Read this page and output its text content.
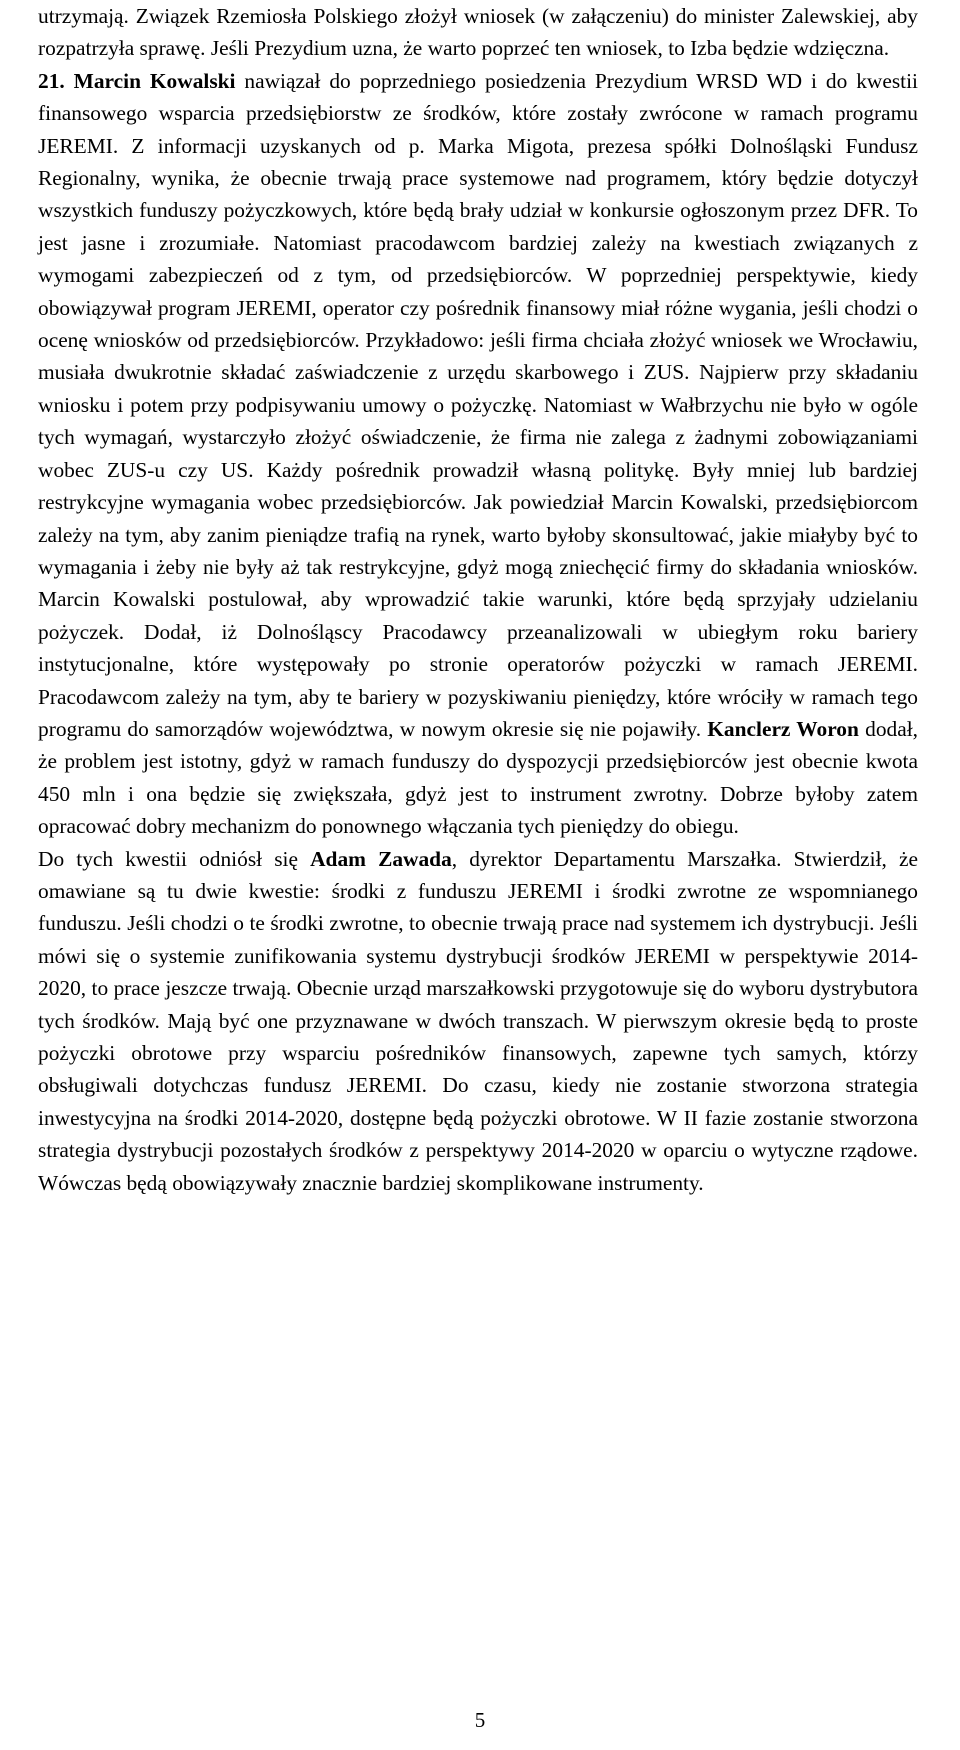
utrzymają. Związek Rzemiosła Polskiego złożył wniosek (w załączeniu) do minister Zalewskiej, aby rozpatrzyła sprawę. Jeśli Prezydium uzna, że warto poprzeć ten wniosek, to Izba będzie wdzięczna.

21. Marcin Kowalski nawiązał do poprzedniego posiedzenia Prezydium WRSD WD i do kwestii finansowego wsparcia przedsiębiorstw ze środków, które zostały zwrócone w ramach programu JEREMI. Z informacji uzyskanych od p. Marka Migota, prezesa spółki Dolnośląski Fundusz Regionalny, wynika, że obecnie trwają prace systemowe nad programem, który będzie dotyczył wszystkich funduszy pożyczkowych, które będą brały udział w konkursie ogłoszonym przez DFR. To jest jasne i zrozumiałe. Natomiast pracodawcom bardziej zależy na kwestiach związanych z wymogami zabezpieczeń od z tym, od przedsiębiorców. W poprzedniej perspektywie, kiedy obowiązywał program JEREMI, operator czy pośrednik finansowy miał różne wygania, jeśli chodzi o ocenę wniosków od przedsiębiorców. Przykładowo: jeśli firma chciała złożyć wniosek we Wrocławiu, musiała dwukrotnie składać zaświadczenie z urzędu skarbowego i ZUS. Najpierw przy składaniu wniosku i potem przy podpisywaniu umowy o pożyczkę. Natomiast w Wałbrzychu nie było w ogóle tych wymagań, wystarczyło złożyć oświadczenie, że firma nie zalega z żadnymi zobowiązaniami wobec ZUS-u czy US. Każdy pośrednik prowadził własną politykę. Były mniej lub bardziej restrykcyjne wymagania wobec przedsiębiorców. Jak powiedział Marcin Kowalski, przedsiębiorcom zależy na tym, aby zanim pieniądze trafią na rynek, warto byłoby skonsultować, jakie miałyby być to wymagania i żeby nie były aż tak restrykcyjne, gdyż mogą zniechęcić firmy do składania wniosków. Marcin Kowalski postulował, aby wprowadzić takie warunki, które będą sprzyjały udzielaniu pożyczek. Dodał, iż Dolnośląscy Pracodawcy przeanalizowali w ubiegłym roku bariery instytucjonalne, które występowały po stronie operatorów pożyczki w ramach JEREMI. Pracodawcom zależy na tym, aby te bariery w pozyskiwaniu pieniędzy, które wróciły w ramach tego programu do samorządów województwa, w nowym okresie się nie pojawiły. Kanclerz Woron dodał, że problem jest istotny, gdyż w ramach funduszy do dyspozycji przedsiębiorców jest obecnie kwota 450 mln i ona będzie się zwiększała, gdyż jest to instrument zwrotny. Dobrze byłoby zatem opracować dobry mechanizm do ponownego włączania tych pieniędzy do obiegu.

Do tych kwestii odniósł się Adam Zawada, dyrektor Departamentu Marszałka. Stwierdził, że omawiane są tu dwie kwestie: środki z funduszu JEREMI i środki zwrotne ze wspomnianego funduszu. Jeśli chodzi o te środki zwrotne, to obecnie trwają prace nad systemem ich dystrybucji. Jeśli mówi się o systemie zunifikowania systemu dystrybucji środków JEREMI w perspektywie 2014-2020, to prace jeszcze trwają. Obecnie urząd marszałkowski przygotowuje się do wyboru dystrybutora tych środków. Mają być one przyznawane w dwóch transzach. W pierwszym okresie będą to proste pożyczki obrotowe przy wsparciu pośredników finansowych, zapewne tych samych, którzy obsługiwali dotychczas fundusz JEREMI. Do czasu, kiedy nie zostanie stworzona strategia inwestycyjna na środki 2014-2020, dostępne będą pożyczki obrotowe. W II fazie zostanie stworzona strategia dystrybucji pozostałych środków z perspektywy 2014-2020 w oparciu o wytyczne rządowe. Wówczas będą obowiązywały znacznie bardziej skomplikowane instrumenty.

5
